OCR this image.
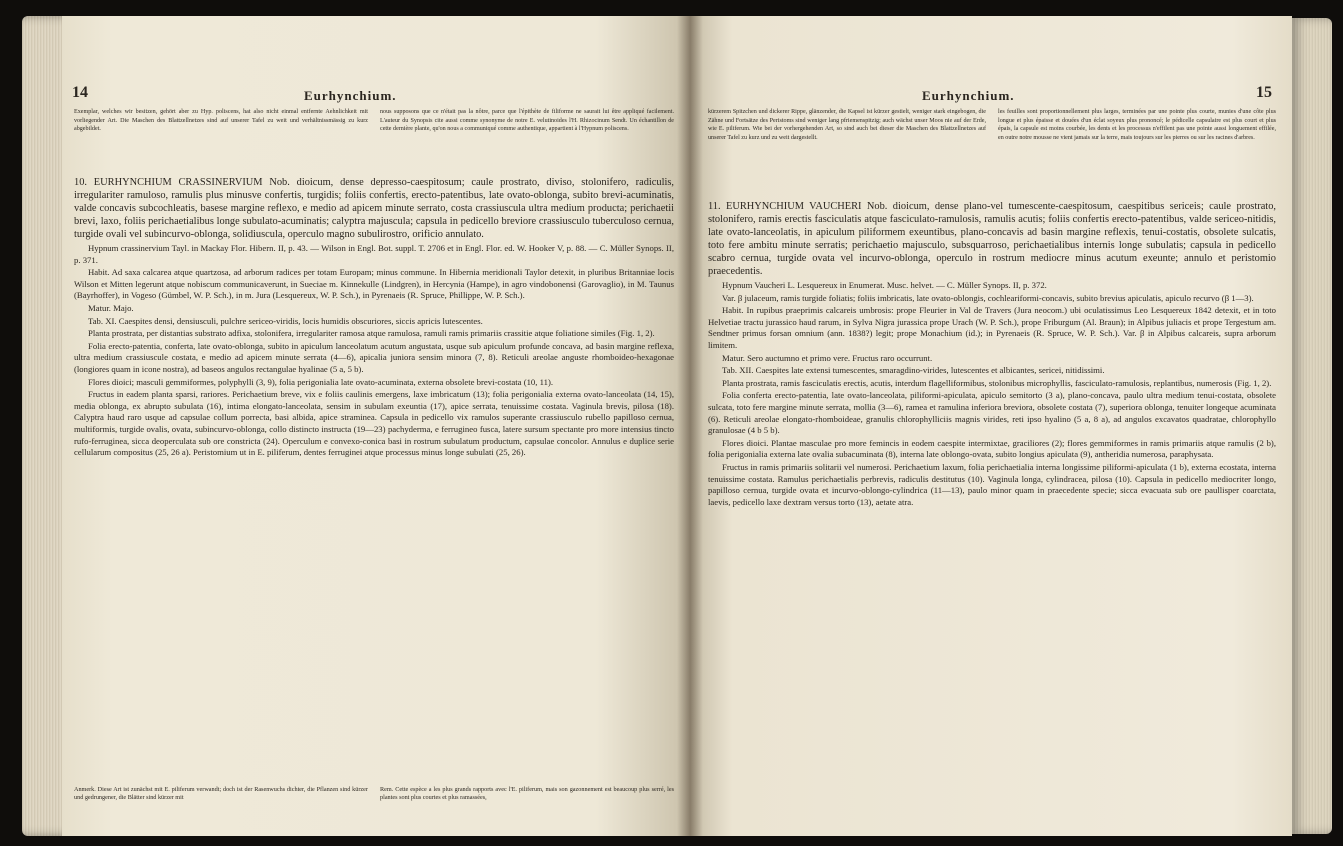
14	Eurhynchium.
Exemplar, welches wir besitzen, gehört aber zu Hyp. poliscens, hat also nicht einmal entfernte Aehnlichkeit mit vorliegender Art. Die Maschen des Blattzellnetzes sind auf unserer Tafel zu weit und verhältnissmässig zu kurz abgebildet.
nous supposons que ce n'était pas la nôtre, parce que l'épithète de filiforme ne saurait lui être appliqué facilement. L'auteur du Synopsis cite aussi comme synonyme de notre E. velutinoides l'H. Rhizocinum Sendt. Un échantillon de cette dernière plante, qu'on nous a communiqué comme authentique, appartient à l'Hypnum poliscens.

10. EURHYNCHIUM CRASSINERVIUM Nob. dioicum, dense depresso-caespitosum; caule prostrato, diviso, stolonifero, radiculis, irregulariter ramuloso, ramulis plus minusve confertis, turgidis; foliis confertis, erecto-patentibus, late ovato-oblonga, subito brevi-acuminatis, valde concavis subcochleatis, basese margine reflexo, e medio ad apicem minute serrato, costa crassiuscula ultra medium producta; perichaetii brevi, laxo, foliis perichaetialibus longe subulato-acuminatis; calyptra majuscula; capsula in pedicello breviore crassiusculo tuberculoso cernua, turgide ovali vel subincurvo-oblonga, solidiuscula, operculo magno subulirostro, orificio annulato.

Hypnum crassinervium Tayl. in Mackay Flor. Hibern. II, p. 43. — Wilson in Engl. Bot. suppl. T. 2706 et in Engl. Flor. ed. W. Hooker V, p. 88. — C. Müller Synops. II, p. 371.

Habit. Ad saxa calcarea atque quartzosa, ad arborum radices per totam Europam; minus commune. In Hibernia meridionali Taylor detexit, in pluribus Britanniae locis Wilson et Mitten legerunt atque nobiscum communicaverunt, in Sueciae m. Kinnekulle (Lindgren), in Hercynia (Hampe), in agro vindobonensi (Garovaglio), in M. Taunus (Bayrhoffer), in Vogeso (Gümbel, W. P. Sch.), in m. Jura (Lesquereux, W. P. Sch.), in Pyrenaeis (R. Spruce, Phillippe, W. P. Sch.).

Matur. Majo.

Tab. XI. Caespites densi, densiusculi, pulchre sericeo-viridis, locis humidis obscuriores, siccis apricis lutescentes.

Planta prostrata, per distantias substrato adfixa, stolonifera, irregulariter ramosa atque ramulosa, ramuli ramis primariis crassitie atque foliatione similes (Fig. 1, 2).

Folia erecto-patentia, conferta, late ovato-oblonga, subito in apiculum lanceolatum acutum angustata, usque sub apiculum profunde concava, ad basin margine reflexa, ultra medium crassiuscule costata, e medio ad apicem minute serrata (4—6), apicalia juniora sensim minora (7, 8). Reticuli areolae anguste rhomboideo-hexagonae (longiores quam in icone nostra), ad baseos angulos rectangulae hyalinae (5 a, 5 b).

Flores dioici; masculi gemmiformes, polyphylli (3, 9), folia perigonialia late ovato-acuminata, externa obsolete brevi-costata (10, 11).

Fructus in eadem planta sparsi, rariores. Perichaetium breve, vix e foliis caulinis emergens, laxe imbricatum (13); folia perigonialia externa ovato-lanceolata (14, 15), media oblonga, ex abrupto subulata (16), intima elongato-lanceolata, sensim in subulam exeuntia (17), apice serrata, tenuissime costata. Vaginula brevis, pilosa (18). Calyptra haud raro usque ad capsulae collum porrecta, basi albida, apice straminea. Capsula in pedicello vix ramulos superante crassiusculo rubello papilloso cernua, multiformis, turgide ovalis, ovata, subincurvo-oblonga, collo distincto instructa (19—23) pachyderma, e ferrugineo fusca, latere sursum spectante pro more intensius tincto rufo-ferruginea, sicca deoperculata sub ore constricta (24). Operculum e convexo-conica basi in rostrum subulatum productum, capsulae concolor. Annulus e duplice serie cellularum compositus (25, 26 a). Peristomium ut in E. piliferum, dentes ferruginei atque processus minus longe subulati (25, 26).

Anmerk. Diese Art ist zunächst mit E. piliferum verwandt; doch ist der Rasenwuchs dichter, die Pflanzen sind kürzer und gedrungener, die Blätter sind kürzer mit
Rem. Cette espèce a les plus grands rapports avec l'E. piliferum, mais son gazonnement est beaucoup plus serré, les plantes sont plus courtes et plus ramassées,
Eurhynchium.	15
kürzerem Spitzchen und dickerer Rippe, glänzender, die Kapsel ist kürzer gestielt, weniger stark eingebogen, die Zähne und Fortsätze des Peristoms sind weniger lang pfriemenspitzig; auch wächst unser Moos nie auf der Erde, wie E. piliferum. Wie bei der vorhergehenden Art, so sind auch bei dieser die Maschen des Blattzellnetzes auf unserer Tafel zu kurz und zu weit dargestellt.
les feuilles sont proportionnellement plus larges, terminées par une pointe plus courte, munies d'une côte plus longue et plus épaisse et douées d'un éclat soyeux plus prononcé; le pédicelle capsulaire est plus court et plus épais, la capsule est moins courbée, les dents et les processus n'effilent pas une pointe aussi longuement effilée, en outre notre mousse ne vient jamais sur la terre, mais toujours sur les pierres ou sur les racines d'arbres.

11. EURHYNCHIUM VAUCHERI Nob. dioicum, dense plano-vel tumescente-caespitosum, caespitibus sericeis; caule prostrato, stolonifero, ramis erectis fasciculatis atque fasciculato-ramulosis, ramulis acutis; foliis confertis erecto-patentibus, valde sericeo-nitidis, late ovato-lanceolatis, in apiculum piliformem exeuntibus, plano-concavis ad basin margine reflexis, tenui-costatis, obsolete sulcatis, toto fere ambitu minute serratis; perichaetio majusculo, subsquarroso, perichaetialibus internis longe subulatis; capsula in pedicello scabro cernua, turgide ovata vel incurvo-oblonga, operculo in rostrum mediocre minus acutum exeunte; annulo et peristomio praecedentis.

Hypnum Vaucheri L. Lesquereux in Enumerat. Musc. helvet. — C. Müller Synops. II, p. 372.

Var. β julaceum, ramis turgide foliatis; foliis imbricatis, late ovato-oblongis, cochleariformi-concavis, subito brevius apiculatis, apiculo recurvo (β 1—3).

Habit. In rupibus praeprimis calcareis umbrosis: prope Fleurier in Val de Travers (Jura neocom.) ubi oculatissimus Leo Lesquereux 1842 detexit, et in toto Helvetiae tractu jurassico haud rarum, in Sylva Nigra jurassica prope Urach (W. P. Sch.), prope Friburgum (Al. Braun); in Alpibus juliacis et prope Tergestum am. Sendtner primus forsan omnium (ann. 1838?) legit; prope Monachium (id.); in Pyrenaeis (R. Spruce, W. P. Sch.). Var. β in Alpibus calcareis, supra arborum limitem.

Matur. Sero auctumno et primo vere. Fructus raro occurrunt.

Tab. XII. Caespites late extensi tumescentes, smaragdino-virides, lutescentes et albicantes, sericei, nitidissimi.

Planta prostrata, ramis fasciculatis erectis, acutis, interdum flagelliformibus, stolonibus microphyllis, fasciculato-ramulosis, replantibus, numerosis (Fig. 1, 2).

Folia conferta erecto-patentia, late ovato-lanceolata, piliformi-apiculata, apiculo semitorto (3 a), plano-concava, paulo ultra medium tenui-costata, obsolete sulcata, toto fere margine minute serrata, mollia (3—6), ramea et ramulina inferiora breviora, obsolete costata (7), superiora oblonga, tenuiter longeque acuminata (6). Reticuli areolae elongato-rhomboideae, granulis chlorophylliciis magnis virides, reti ipso hyalino (5 a, 8 a), ad angulos excavatos quadratae, chlorophyllo granulosae (4 b 5 b).

Flores dioici. Plantae masculae pro more femincis in eodem caespite intermixtae, graciliores (2); flores gemmiformes in ramis primariis atque ramulis (2 b), folia perigonialia externa late ovalia subacuminata (8), interna late oblongo-ovata, subito longius apiculata (9), antheridia numerosa, paraphysata.

Fructus in ramis primariis solitarii vel numerosi. Perichaetium laxum, folia perichaetialia interna longissime piliformi-apiculata (1 b), externa ecostata, interna tenuissime costata. Ramulus perichaetialis perbrevis, radiculis destitutus (10). Vaginula longa, cylindracea, pilosa (10). Capsula in pedicello mediocriter longo, papilloso cernua, turgide ovata et incurvo-oblongo-cylindrica (11—13), paulo minor quam in praecedente specie; sicca evacuata sub ore paullisper coarctata, laevis, pedicello laxe dextram versus torto (13), aetate atra.
